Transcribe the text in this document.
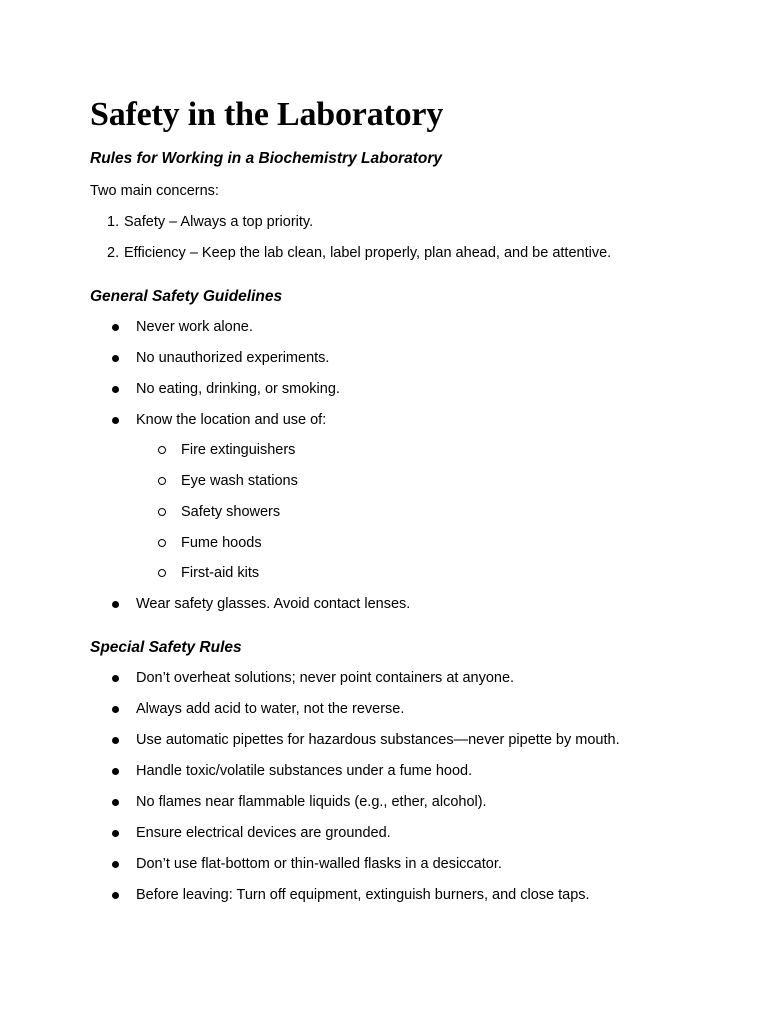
Safety in the Laboratory
Rules for Working in a Biochemistry Laboratory

Two main concerns:

1. Safety – Always a top priority.
2. Efficiency – Keep the lab clean, label properly, plan ahead, and be attentive.
General Safety Guidelines
Never work alone.
No unauthorized experiments.
No eating, drinking, or smoking.
Know the location and use of:
Fire extinguishers
Eye wash stations
Safety showers
Fume hoods
First-aid kits
Wear safety glasses. Avoid contact lenses.
Special Safety Rules
Don’t overheat solutions; never point containers at anyone.
Always add acid to water, not the reverse.
Use automatic pipettes for hazardous substances—never pipette by mouth.
Handle toxic/volatile substances under a fume hood.
No flames near flammable liquids (e.g., ether, alcohol).
Ensure electrical devices are grounded.
Don’t use flat-bottom or thin-walled flasks in a desiccator.
Before leaving: Turn off equipment, extinguish burners, and close taps.
